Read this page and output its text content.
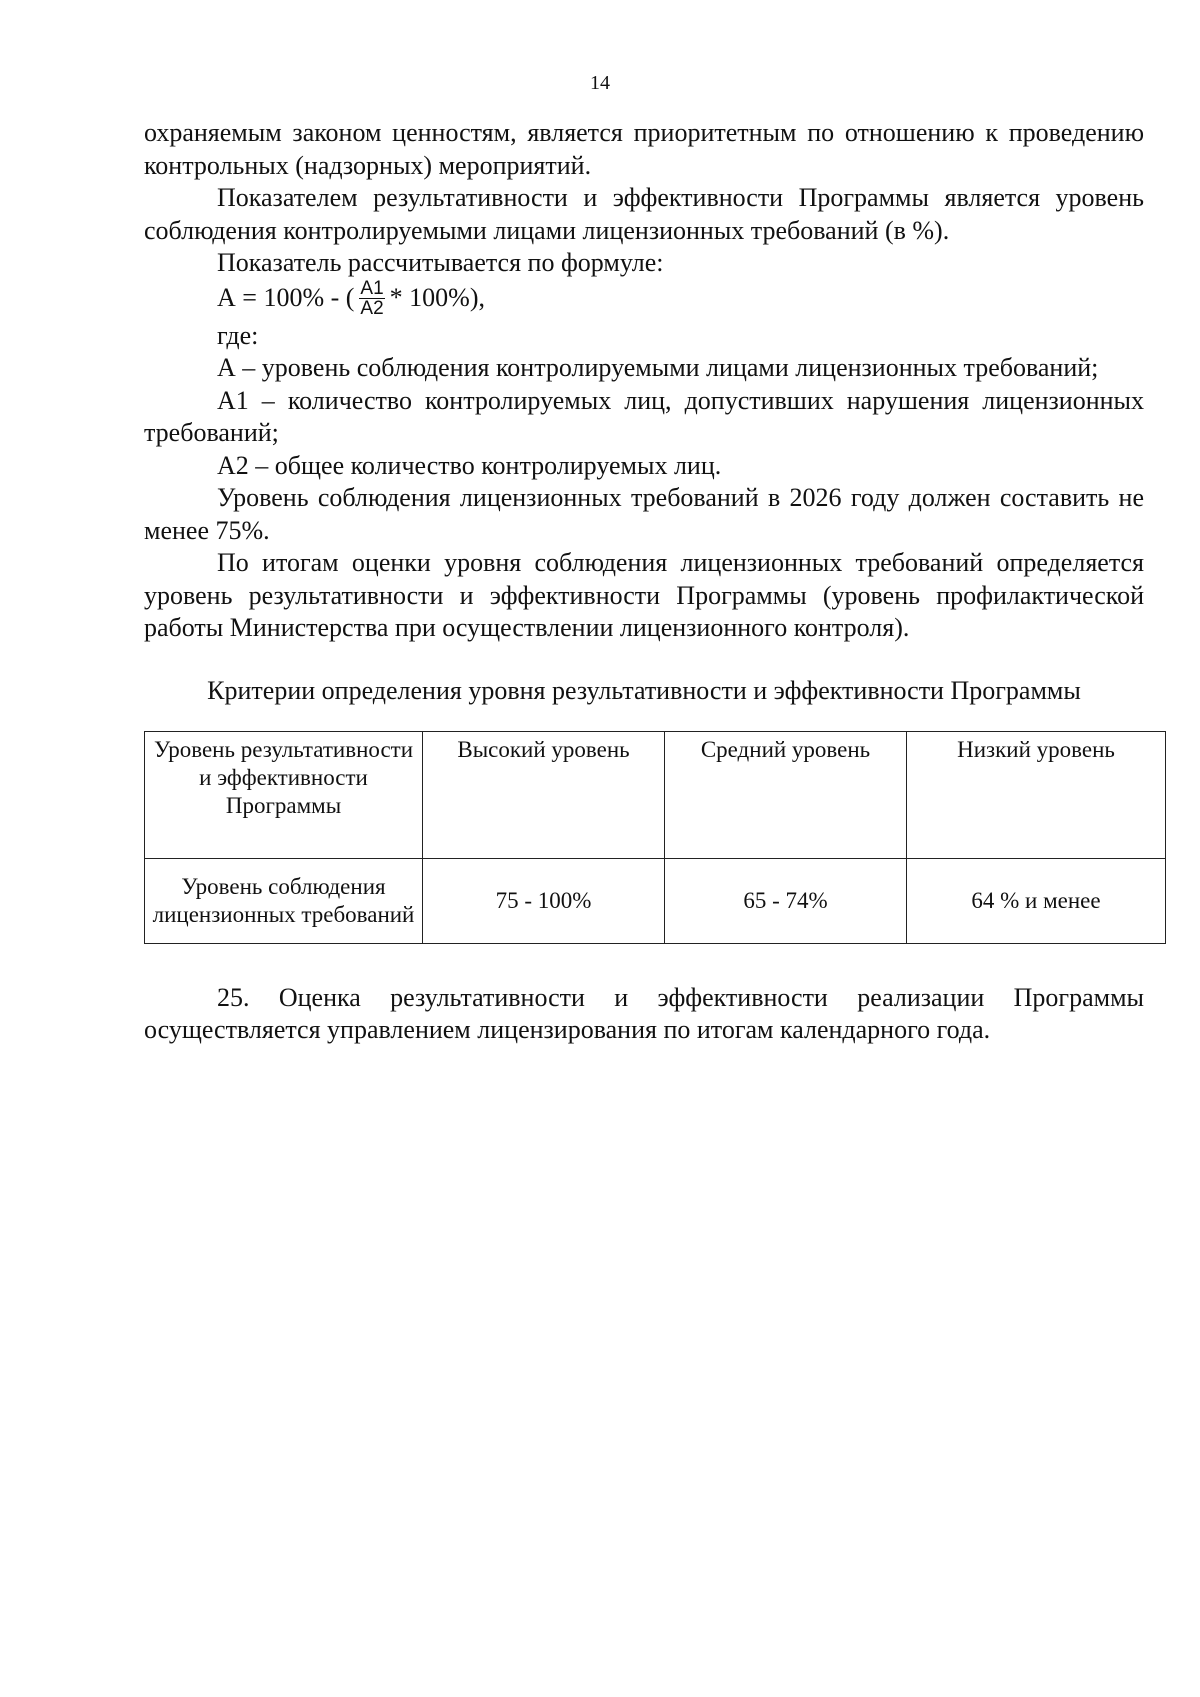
14

охраняемым законом ценностям, является приоритетным по отношению к проведению контрольных (надзорных) мероприятий.

Показателем результативности и эффективности Программы является уровень соблюдения контролируемыми лицами лицензионных требований (в %).

Показатель рассчитывается по формуле:

А = 100% - ( $\frac{А1}{А2} * 100\%$),

где:

А – уровень соблюдения контролируемыми лицами лицензионных требований;

А1 – количество контролируемых лиц, допустивших нарушения лицензионных требований;

А2 – общее количество контролируемых лиц.

Уровень соблюдения лицензионных требований в 2026 году должен составить не менее 75%.

По итогам оценки уровня соблюдения лицензионных требований определяется уровень результативности и эффективности Программы (уровень профилактической работы Министерства при осуществлении лицензионного контроля).

Критерии определения уровня результативности и эффективности Программы

Уровень результативности и эффективности Программы	Высокий уровень	Средний уровень	Низкий уровень
Уровень соблюдения лицензионных требований	75 - 100%	65 - 74%	64 % и менее

25. Оценка результативности и эффективности реализации Программы осуществляется управлением лицензирования по итогам календарного года.
